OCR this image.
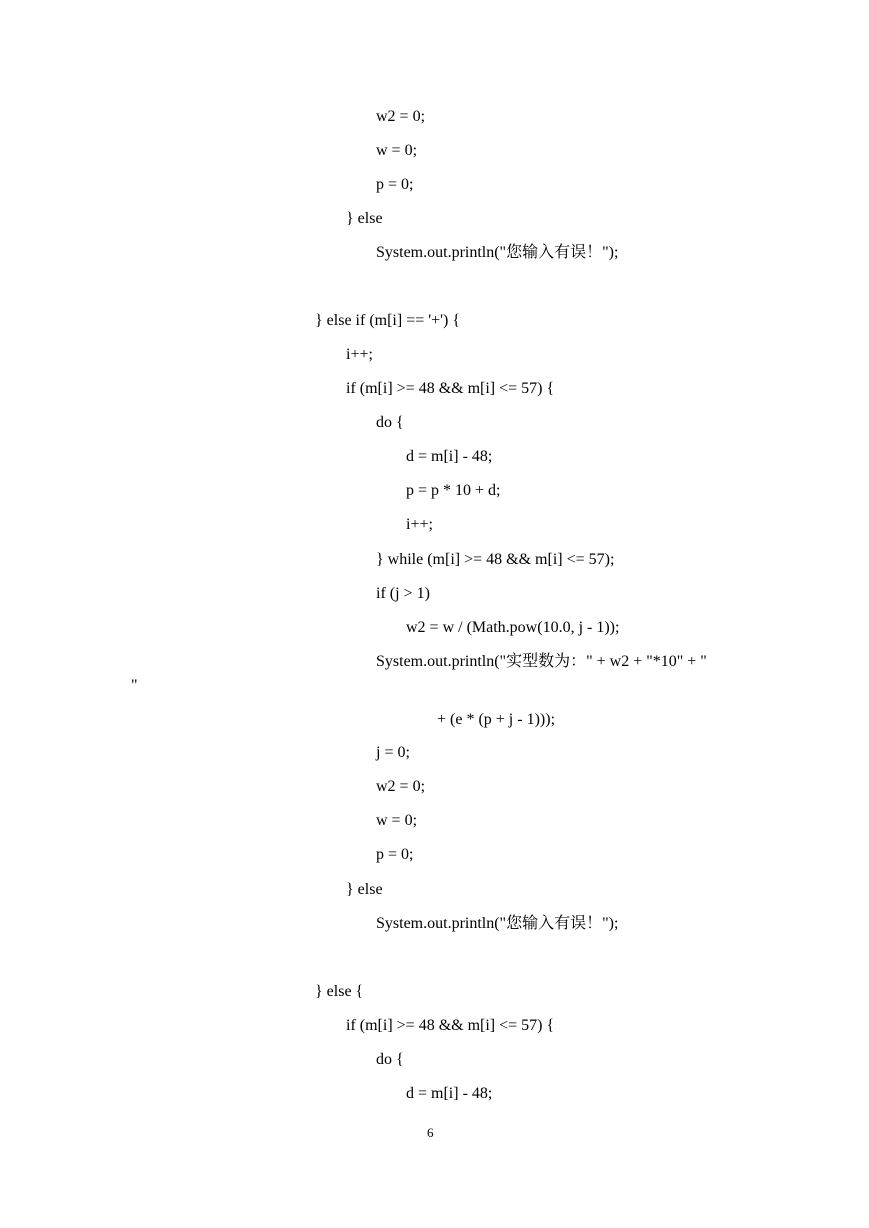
w2 = 0;
w = 0;
p = 0;
} else
System.out.println("您输入有误！");
} else if (m[i] == '+') {
i++;
if (m[i] >= 48 && m[i] <= 57) {
do {
d = m[i] - 48;
p = p * 10 + d;
i++;
} while (m[i] >= 48 && m[i] <= 57);
if (j > 1)
w2 = w / (Math.pow(10.0, j - 1));
System.out.println("实型数为：" + w2 + "*10" + "
"
+ (e * (p + j - 1)));
j = 0;
w2 = 0;
w = 0;
p = 0;
} else
System.out.println("您输入有误！");
} else {
if (m[i] >= 48 && m[i] <= 57) {
do {
d = m[i] - 48;
6
